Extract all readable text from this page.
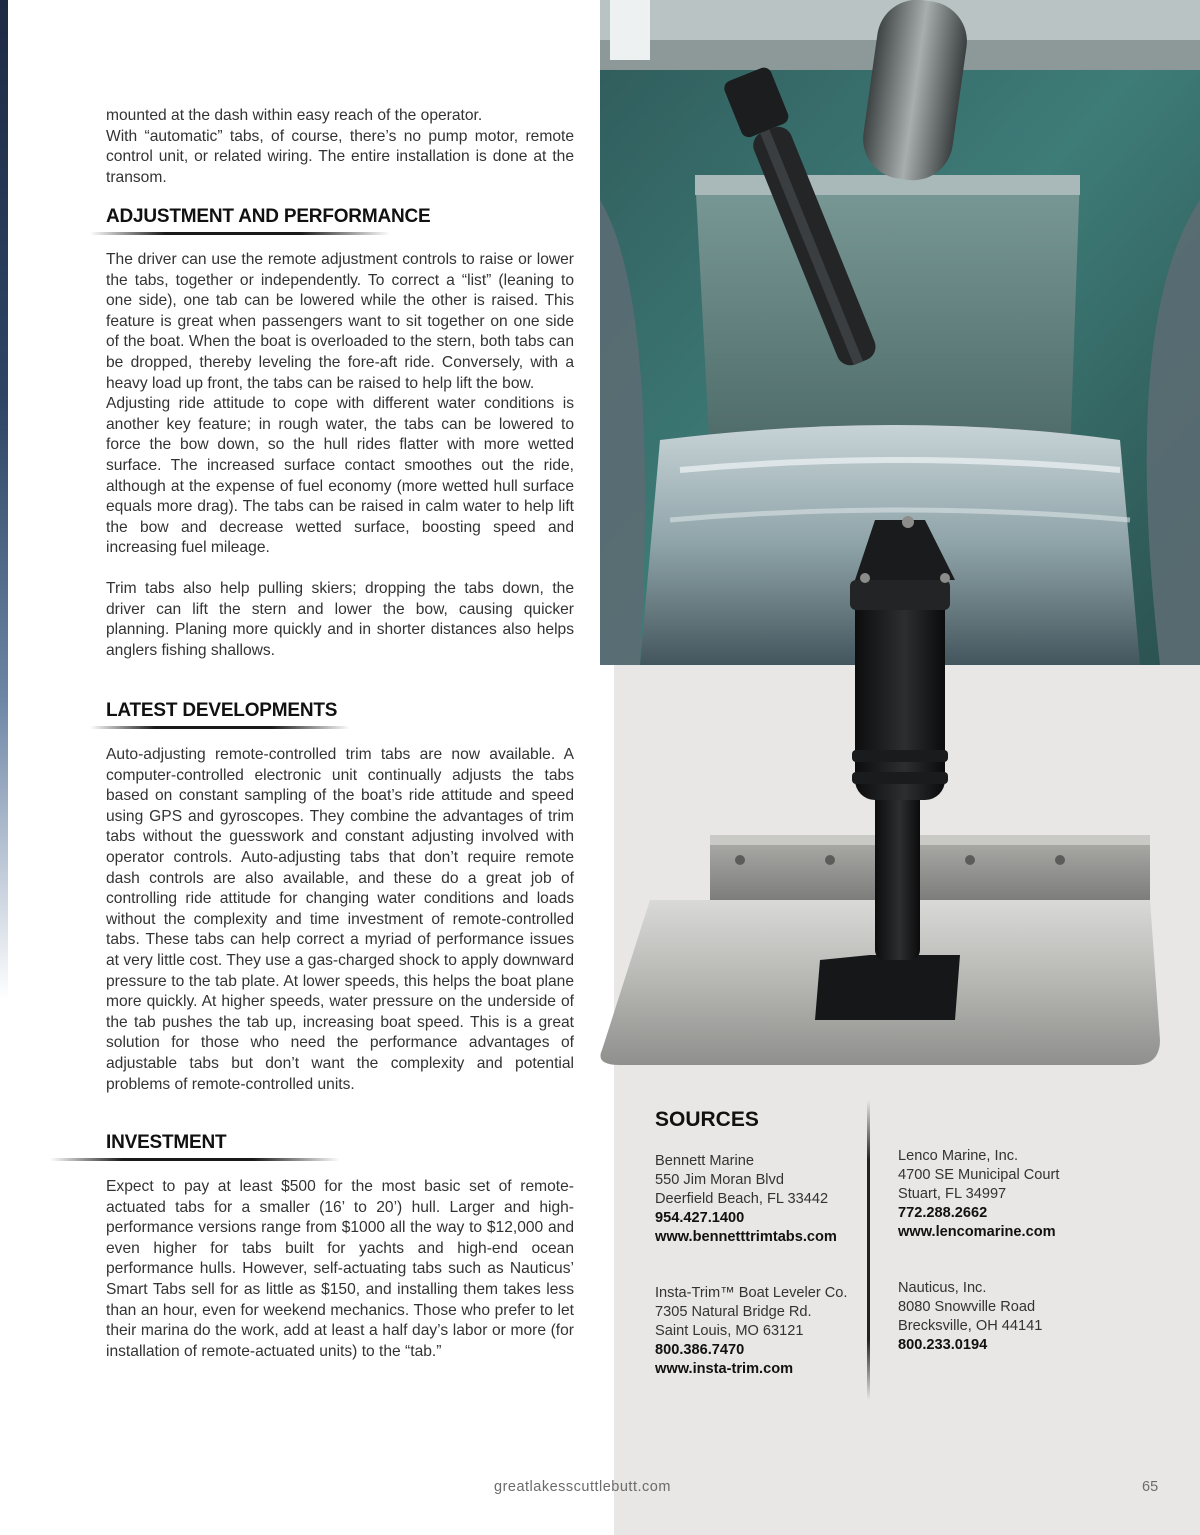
mounted at the dash within easy reach of the operator.

With “automatic” tabs, of course, there’s no pump motor, remote control unit, or related wiring. The entire installation is done at the transom.

ADJUSTMENT AND PERFORMANCE

The driver can use the remote adjustment controls to raise or lower the tabs, together or independently. To correct a “list” (leaning to one side), one tab can be lowered while the other is raised. This feature is great when passengers want to sit together on one side of the boat. When the boat is overloaded to the stern, both tabs can be dropped, thereby leveling the fore-aft ride. Conversely, with a heavy load up front, the tabs can be raised to help lift the bow.

Adjusting ride attitude to cope with different water conditions is another key feature; in rough water, the tabs can be lowered to force the bow down, so the hull rides flatter with more wetted surface. The increased surface contact smoothes out the ride, although at the expense of fuel economy (more wetted hull surface equals more drag). The tabs can be raised in calm water to help lift the bow and decrease wetted surface, boosting speed and increasing fuel mileage.

Trim tabs also help pulling skiers; dropping the tabs down, the driver can lift the stern and lower the bow, causing quicker planning. Planing more quickly and in shorter distances also helps anglers fishing shallows.

LATEST DEVELOPMENTS

Auto-adjusting remote-controlled trim tabs are now available. A computer-controlled electronic unit continually adjusts the tabs based on constant sampling of the boat’s ride attitude and speed using GPS and gyroscopes. They combine the advantages of trim tabs without the guesswork and constant adjusting involved with operator controls. Auto-adjusting tabs that don’t require remote dash controls are also available, and these do a great job of controlling ride attitude for changing water conditions and loads without the complexity and time investment of remote-controlled tabs. These tabs can help correct a myriad of performance issues at very little cost. They use a gas-charged shock to apply downward pressure to the tab plate. At lower speeds, this helps the boat plane more quickly. At higher speeds, water pressure on the underside of the tab pushes the tab up, increasing boat speed. This is a great solution for those who need the performance advantages of adjustable tabs but don’t want the complexity and potential problems of remote-controlled units.

INVESTMENT

Expect to pay at least $500 for the most basic set of remote-actuated tabs for a smaller (16’ to 20’) hull. Larger and high-performance versions range from $1000 all the way to $12,000 and even higher for tabs built for yachts and high-end ocean performance hulls. However, self-actuating tabs such as Nauticus’ Smart Tabs sell for as little as $150, and installing them takes less than an hour, even for weekend mechanics. Those who prefer to let their marina do the work, add at least a half day’s labor or more (for installation of remote-actuated units) to the “tab.”

SOURCES
Bennett Marine
550 Jim Moran Blvd
Deerfield Beach, FL 33442
954.427.1400
www.bennetttrimtabs.com
Lenco Marine, Inc.
4700 SE Municipal Court
Stuart, FL 34997
772.288.2662
www.lencomarine.com
Insta-Trim™ Boat Leveler Co.
7305 Natural Bridge Rd.
Saint Louis, MO 63121
800.386.7470
www.insta-trim.com
Nauticus, Inc.
8080 Snowville Road
Brecksville, OH 44141
800.233.0194
greatlakesscuttlebutt.com	65
